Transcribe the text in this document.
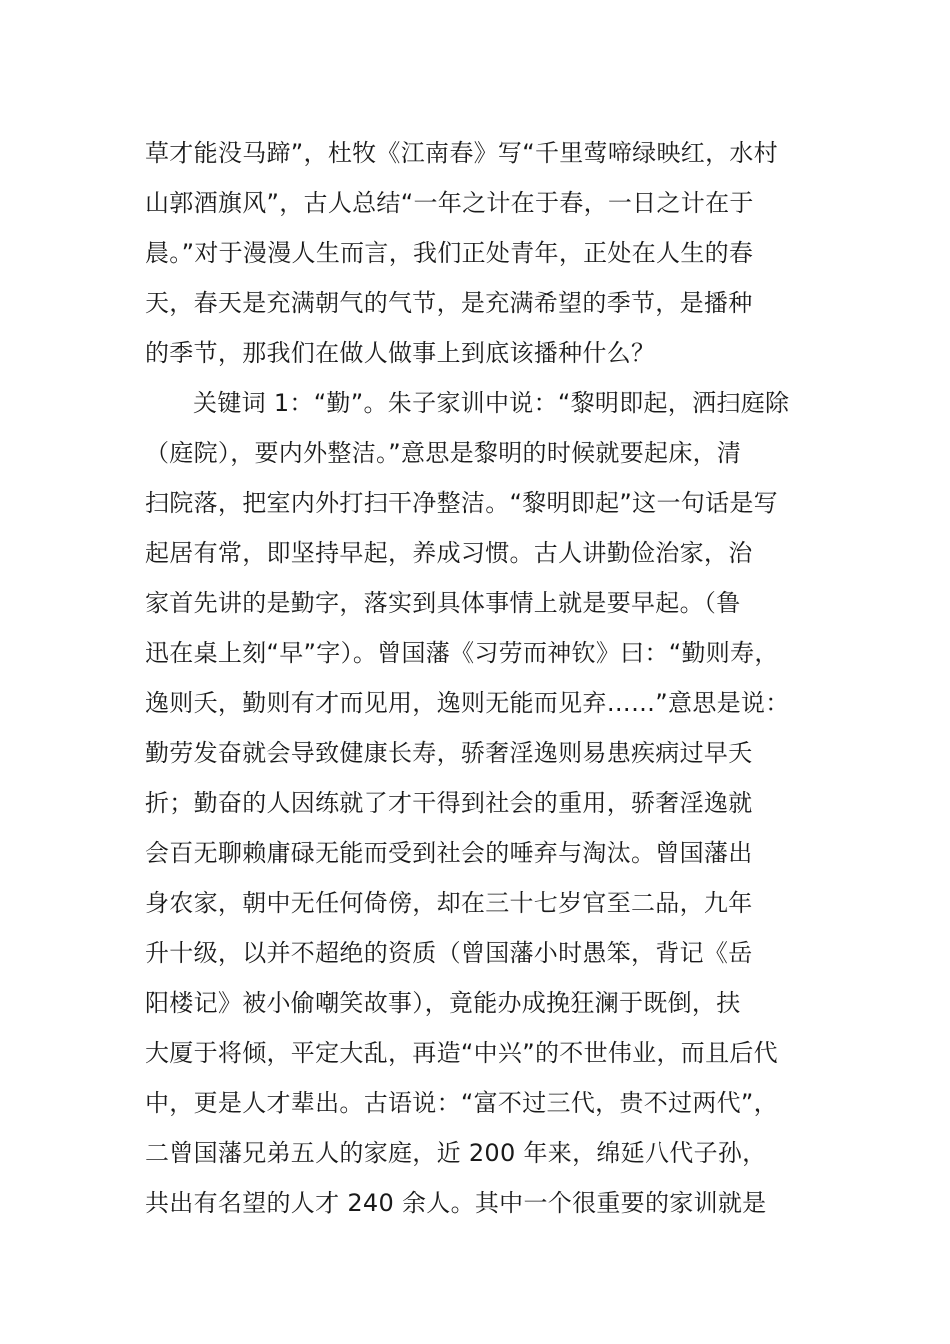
草才能没马蹄”，杜牧《江南春》写“千里莺啼绿映红，水村
山郭酒旗风”，古人总结“一年之计在于春，一日之计在于
晨。”对于漫漫人生而言，我们正处青年，正处在人生的春
天，春天是充满朝气的气节，是充满希望的季节，是播种
的季节，那我们在做人做事上到底该播种什么？
关键词 1：“勤”。朱子家训中说：“黎明即起，洒扫庭除
（庭院），要内外整洁。”意思是黎明的时候就要起床，清
扫院落，把室内外打扫干净整洁。“黎明即起”这一句话是写
起居有常，即坚持早起，养成习惯。古人讲勤俭治家，治
家首先讲的是勤字，落实到具体事情上就是要早起。（鲁
迅在桌上刻“早”字）。曾国藩《习劳而神钦》曰：“勤则寿，
逸则夭，勤则有才而见用，逸则无能而见弃……”意思是说：
勤劳发奋就会导致健康长寿，骄奢淫逸则易患疾病过早夭
折；勤奋的人因练就了才干得到社会的重用，骄奢淫逸就
会百无聊赖庸碌无能而受到社会的唾弃与淘汰。曾国藩出
身农家，朝中无任何倚傍，却在三十七岁官至二品，九年
升十级，以并不超绝的资质（曾国藩小时愚笨，背记《岳
阳楼记》被小偷嘲笑故事），竟能办成挽狂澜于既倒，扶
大厦于将倾，平定大乱，再造“中兴”的不世伟业，而且后代
中，更是人才辈出。古语说：“富不过三代，贵不过两代”，
二曾国藩兄弟五人的家庭，近 200 年来，绵延八代子孙，
共出有名望的人才 240 余人。其中一个很重要的家训就是
